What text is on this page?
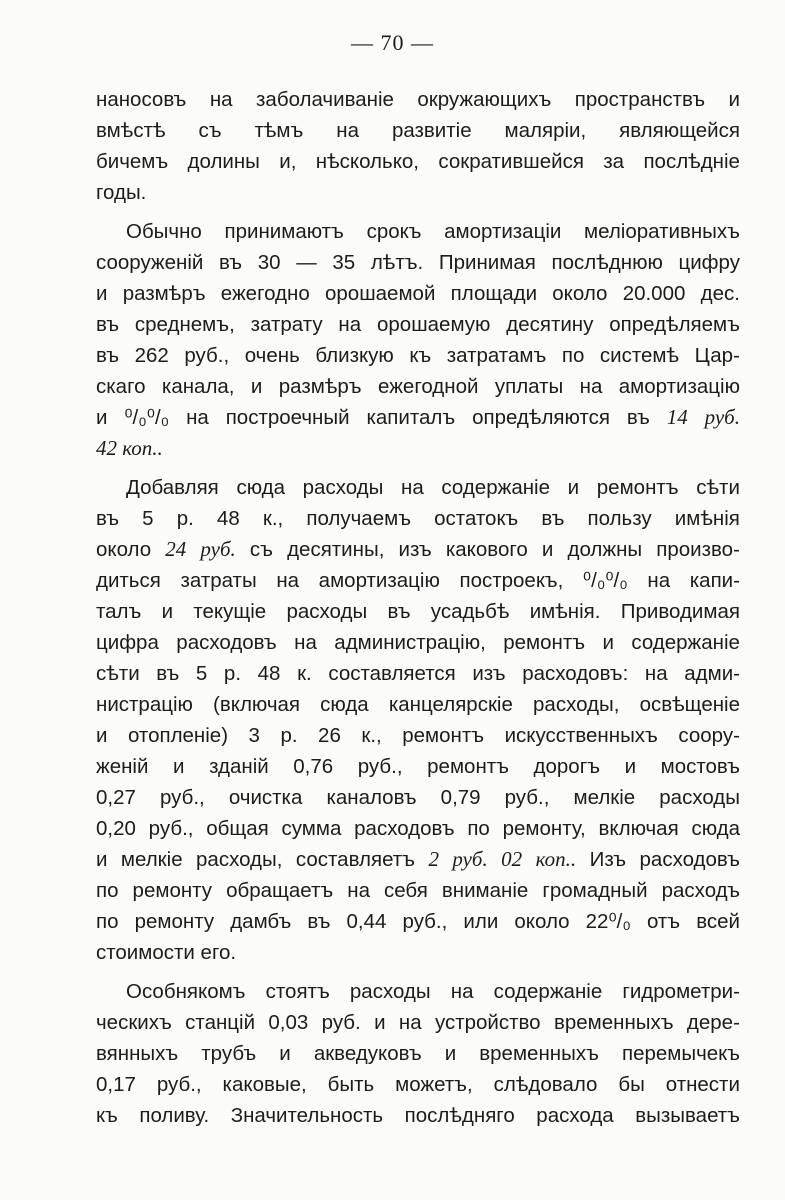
— 70 —
наносовъ на заболачиваніе окружающихъ пространствъ и
вмѣстѣ съ тѣмъ на развитіе малярiи, являющейся
бичемъ долины и, нѣсколько, сократившейся за послѣдніе
годы.
Обычно принимаютъ срокъ амортизаціи меліоративныхъ
сооруженій въ 30 — 35 лѣтъ. Принимая послѣднюю цифру
и размѣръ ежегодно орошаемой площади около 20.000 дес.
въ среднемъ, затрату на орошаемую десятину опредѣляемъ
въ 262 руб., очень близкую къ затратамъ по системѣ Цар-
скаго канала, и размѣръ ежегодной уплаты на амортизацію
и ⁰/₀⁰/₀ на построечный капиталъ опредѣляются въ 14 руб.
42 коп..
Добавляя сюда расходы на содержаніе и ремонтъ сѣти
въ 5 р. 48 к., получаемъ остатокъ въ пользу имѣнія
около 24 руб. съ десятины, изъ какового и должны произво-
диться затраты на амортизацію построекъ, ⁰/₀⁰/₀ на капи-
талъ и текущіе расходы въ усадьбѣ имѣнія. Приводимая
цифра расходовъ на администрацію, ремонтъ и содержаніе
сѣти въ 5 р. 48 к. составляется изъ расходовъ: на адми-
нистрацію (включая сюда канцелярскіе расходы, освѣщеніе
и отопленіе) 3 р. 26 к., ремонтъ искусственныхъ соору-
женій и зданій 0,76 руб., ремонтъ дорогъ и мостовъ
0,27 руб., очистка каналовъ 0,79 руб., мелкіе расходы
0,20 руб., общая сумма расходовъ по ремонту, включая сюда
и мелкіе расходы, составляетъ 2 руб. 02 коп.. Изъ расходовъ
по ремонту обращаетъ на себя вниманіе громадный расходъ
по ремонту дамбъ въ 0,44 руб., или около 22⁰/₀ отъ всей
стоимости его.
Особнякомъ стоятъ расходы на содержаніе гидрометри-
ческихъ станцій 0,03 руб. и на устройство временныхъ дере-
вянныхъ трубъ и акведуковъ и временныхъ перемычекъ
0,17 руб., каковые, быть можетъ, слѣдовало бы отнести
къ поливу. Значительность послѣдняго расхода вызываетъ
